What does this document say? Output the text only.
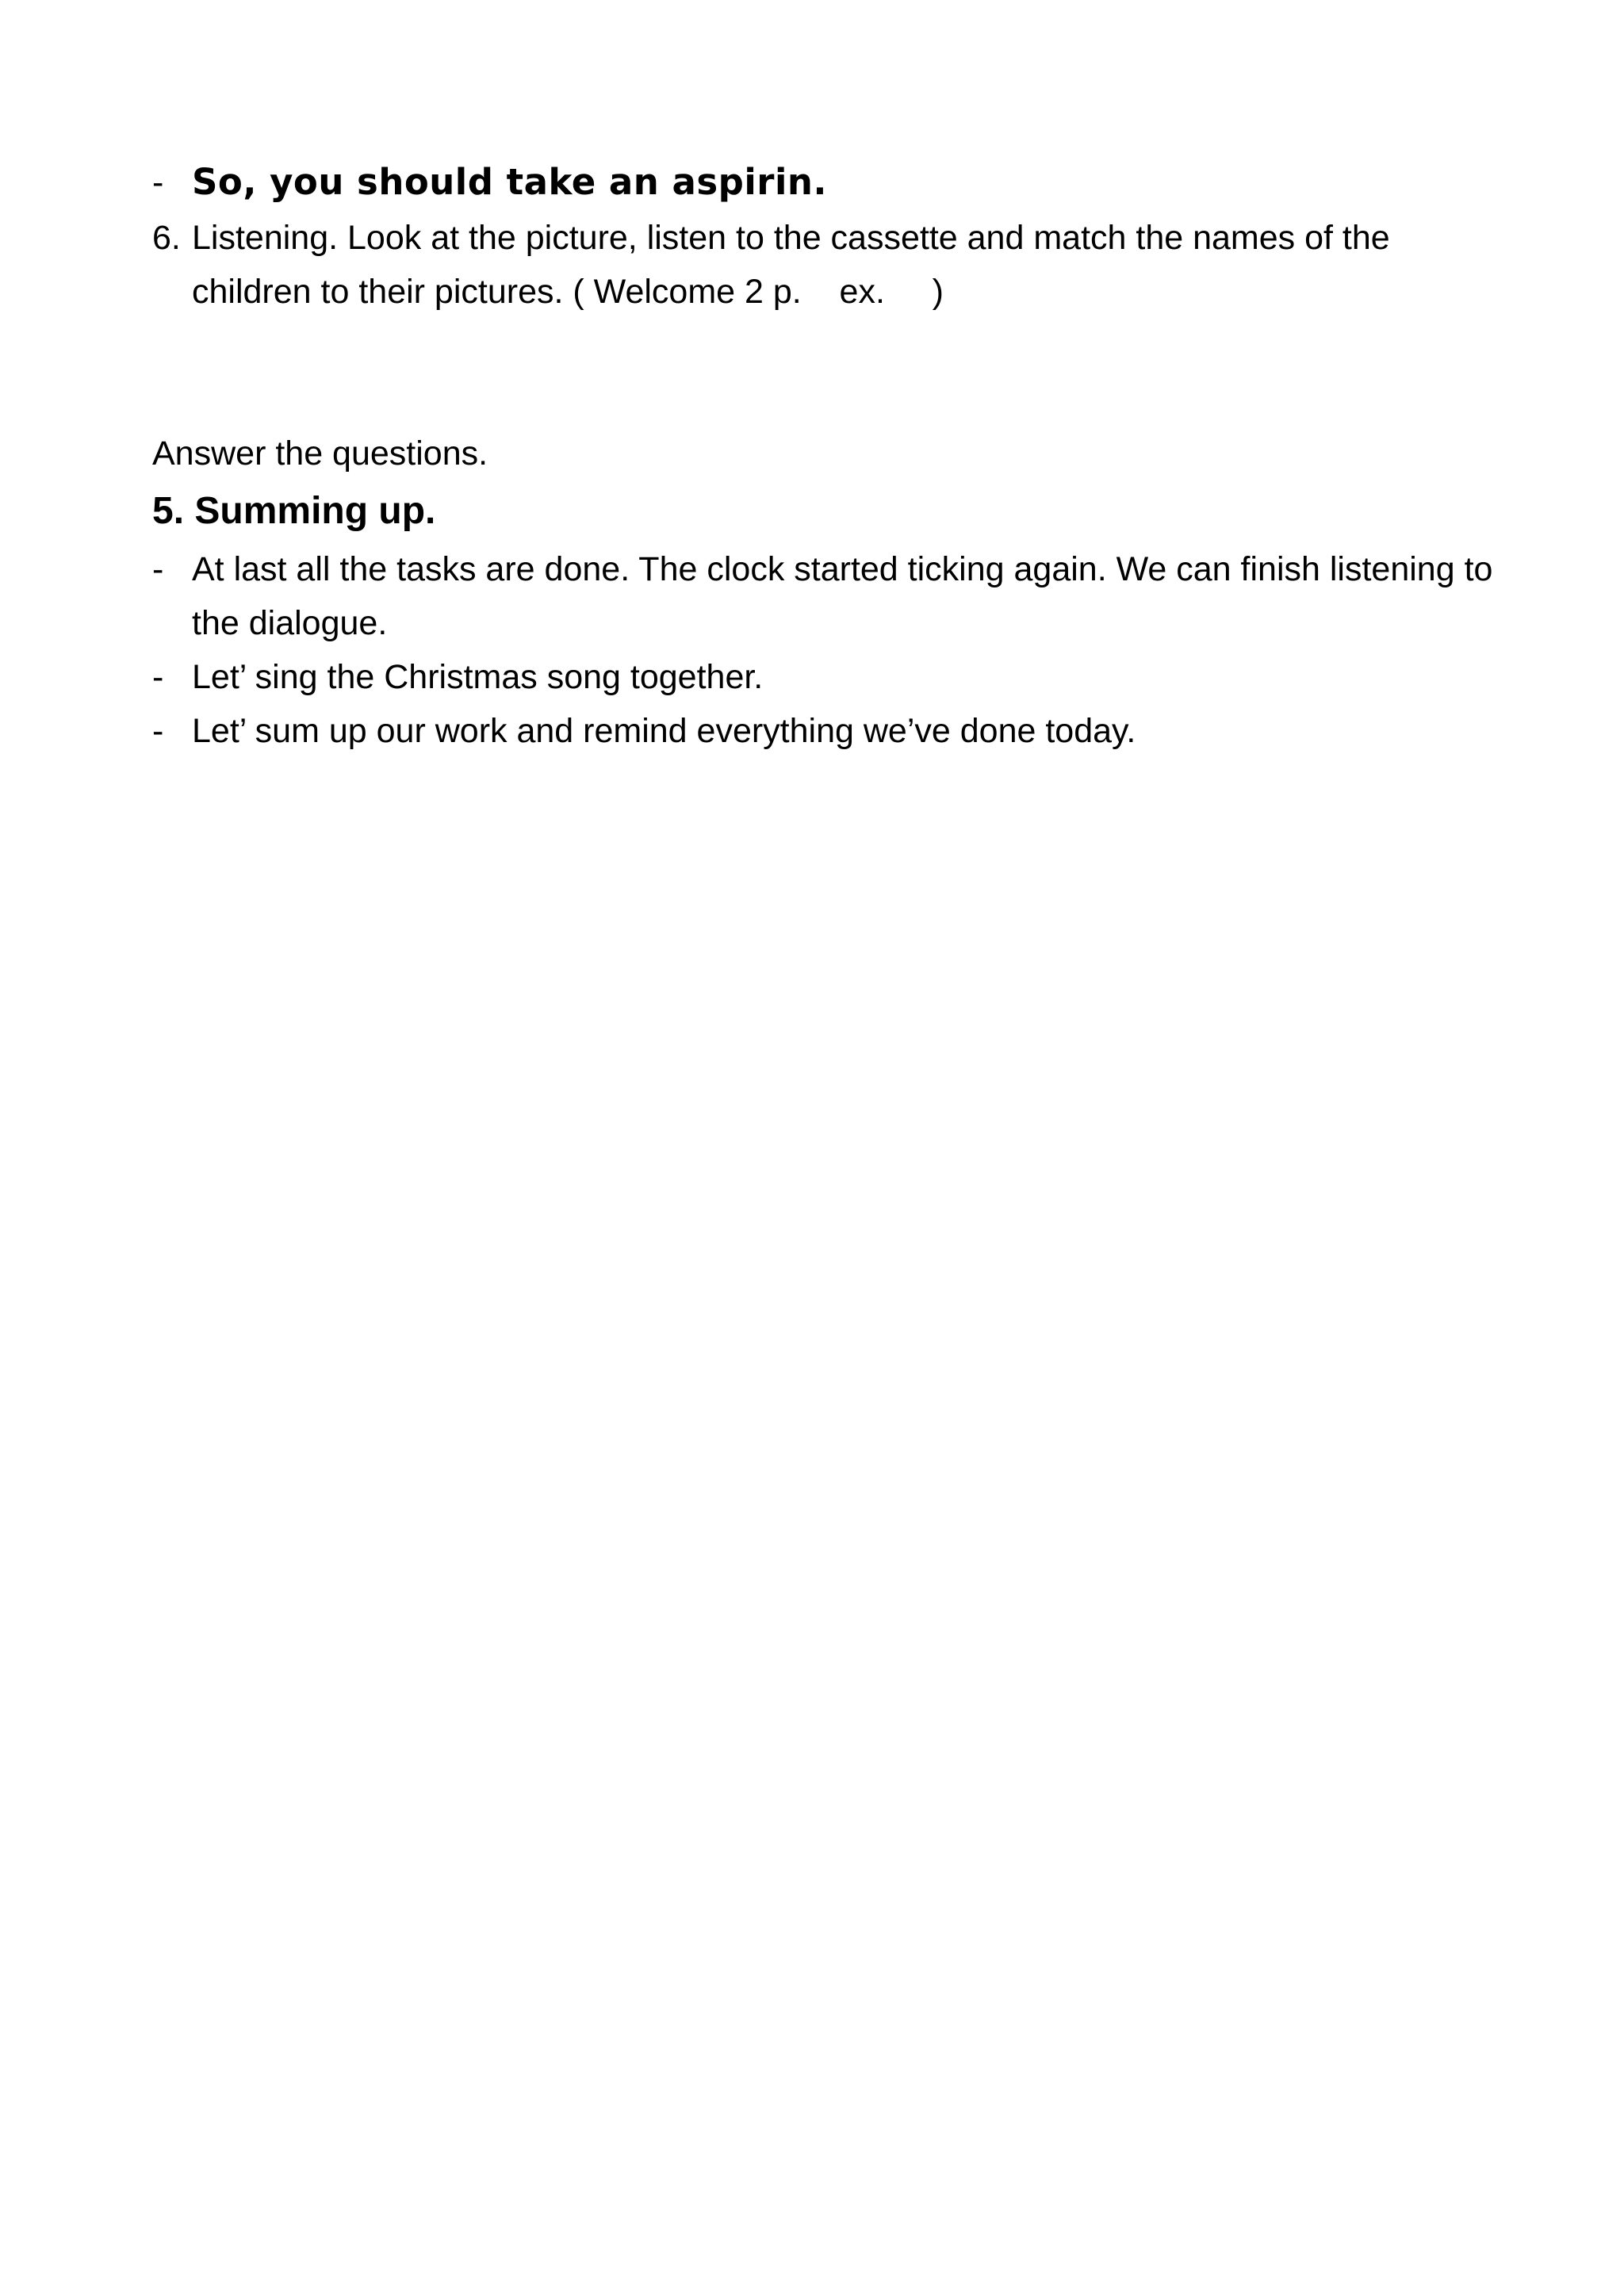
- So, you should take an aspirin.
6. Listening. Look at the picture, listen to the cassette and match the names of the children to their pictures. ( Welcome 2 p.    ex.     )
Answer the questions.
5. Summing up.
- At last all the tasks are done. The clock started ticking again. We can finish listening to the dialogue.
- Let’ sing the Christmas song together.
- Let’ sum up our work and remind everything we’ve done today.
